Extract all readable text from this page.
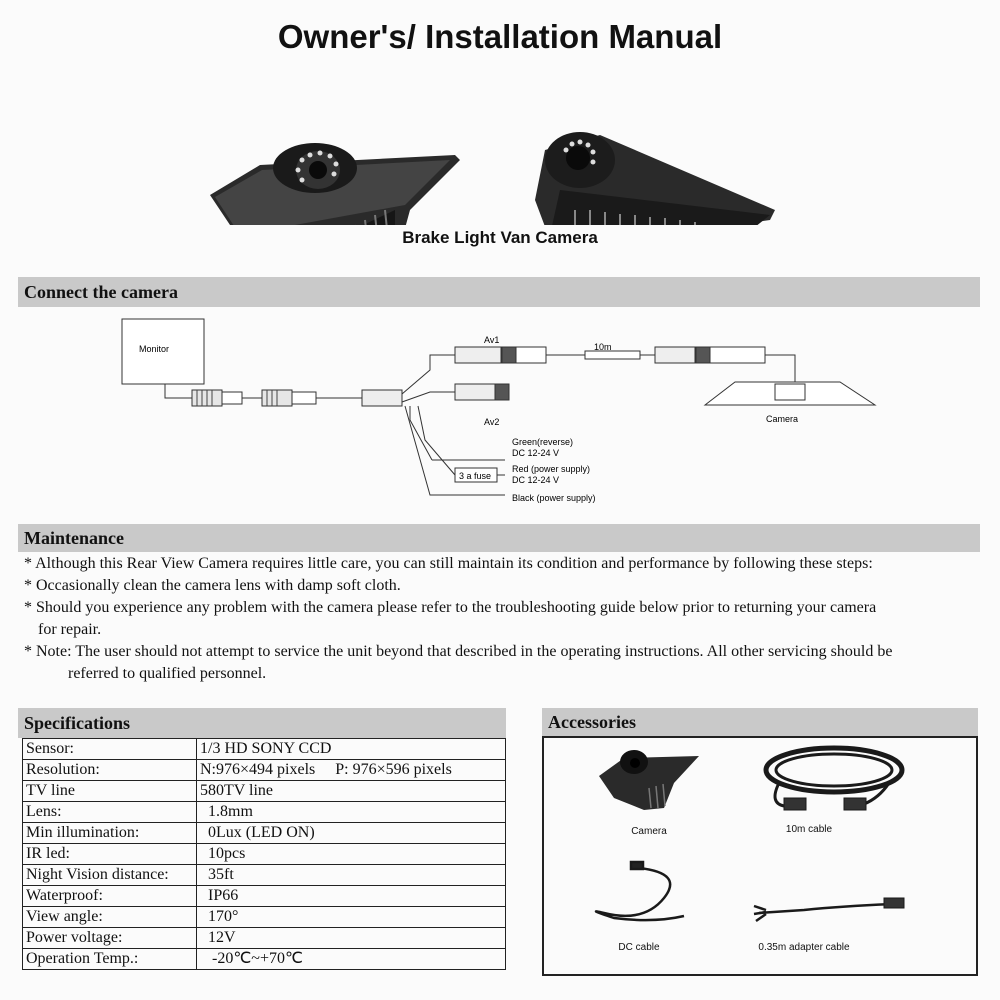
Owner's/ Installation Manual
Brake Light Van Camera
Connect the camera
Monitor
Av1
Av2
10m
Camera
3 a fuse
Green(reverse)
DC 12-24 V
Red (power supply)
DC 12-24 V
Black (power supply)
Maintenance

* Although this Rear View Camera requires little care, you can still maintain its condition and performance by following these steps:

* Occasionally clean the camera lens with damp soft cloth.

* Should you experience any problem with the camera please refer to the troubleshooting guide below prior to returning your camera

for repair.

* Note: The user should not attempt to service the unit beyond that described in the operating instructions. All other servicing should be

referred to qualified personnel.

Specifications
Sensor:	1/3 HD SONY CCD
Resolution:	N:976×494 pixels     P: 976×596 pixels
TV line	580TV line
Lens:	1.8mm
Min illumination:	0Lux (LED ON)
IR led:	10pcs
Night Vision distance:	35ft
Waterproof:	IP66
View angle:	170°
Power voltage:	12V
Operation Temp.:	-20℃~+70℃
Accessories
Camera	10m cable
DC cable	0.35m adapter cable
